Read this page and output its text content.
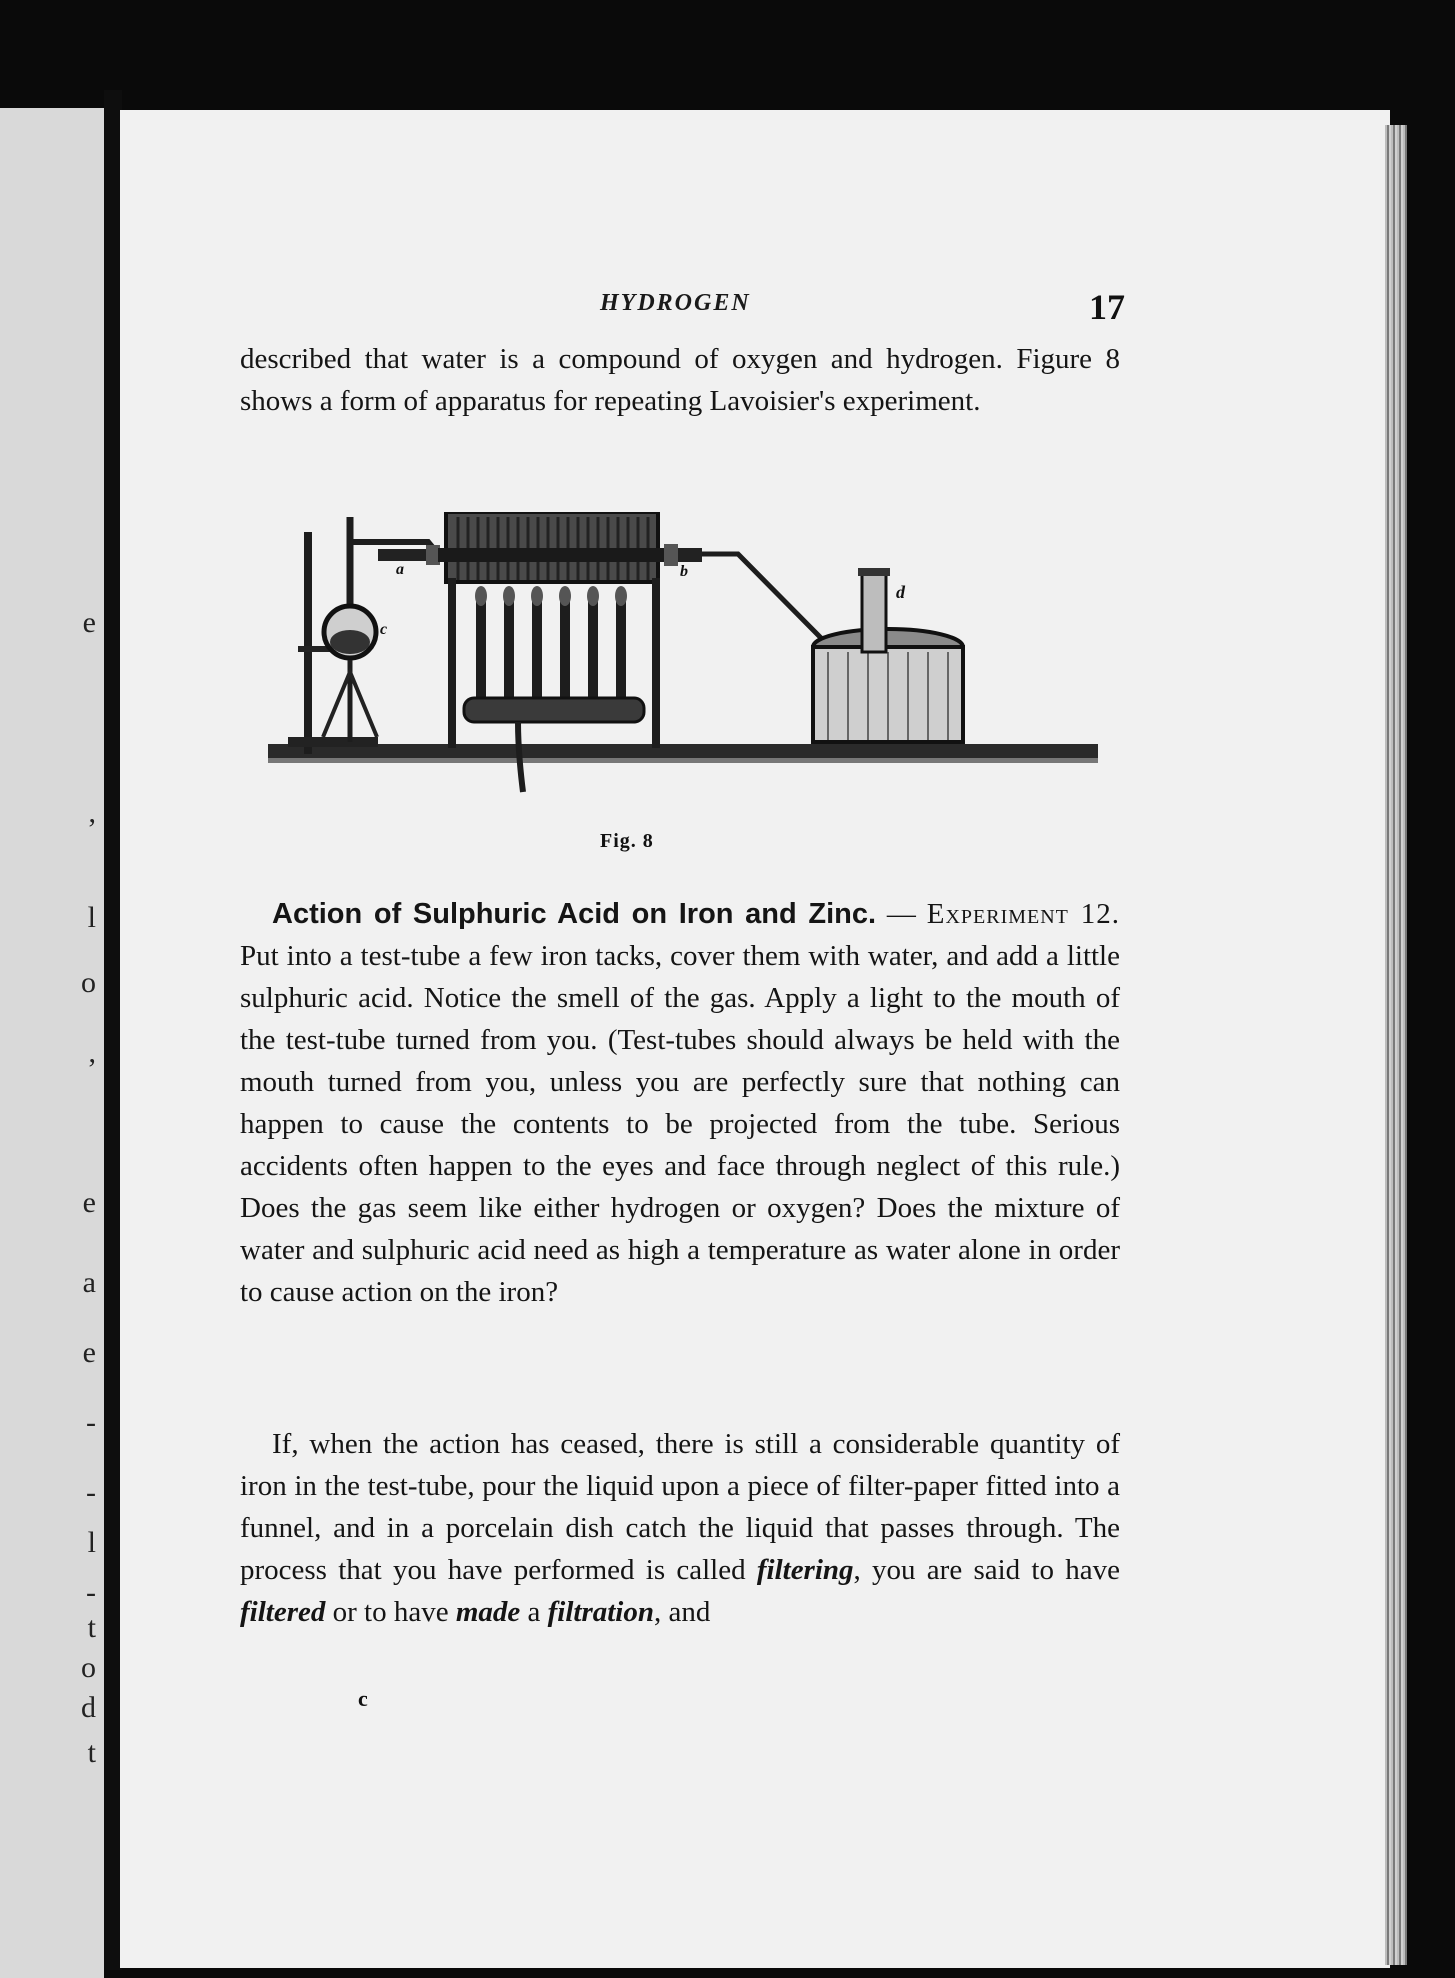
e
,
l
o
,
e
a
e
-
-
l
-
t
o
d
t
HYDROGEN	17
described that water is a compound of oxygen and hydrogen. Figure 8 shows a form of apparatus for repeating Lavoisier's experiment.
a	b
c
d
Fig. 8
Action of Sulphuric Acid on Iron and Zinc. — Experiment 12. Put into a test-tube a few iron tacks, cover them with water, and add a little sulphuric acid. Notice the smell of the gas. Apply a light to the mouth of the test-tube turned from you. (Test-tubes should always be held with the mouth turned from you, unless you are perfectly sure that nothing can happen to cause the contents to be projected from the tube. Serious accidents often happen to the eyes and face through neglect of this rule.) Does the gas seem like either hydrogen or oxygen? Does the mixture of water and sulphuric acid need as high a temperature as water alone in order to cause action on the iron?
If, when the action has ceased, there is still a considerable quantity of iron in the test-tube, pour the liquid upon a piece of filter-paper fitted into a funnel, and in a porcelain dish catch the liquid that passes through. The process that you have performed is called filtering, you are said to have filtered or to have made a filtration, and
c
